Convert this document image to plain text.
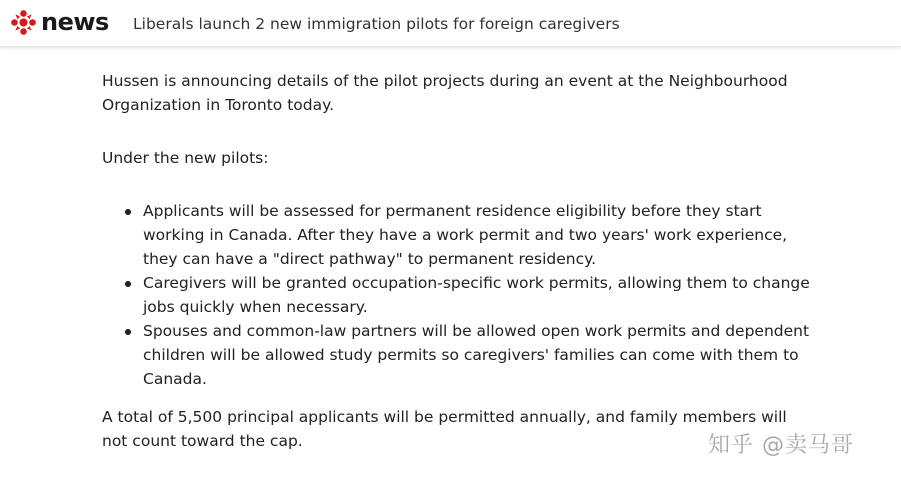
news Liberals launch 2 new immigration pilots for foreign caregivers

Hussen is announcing details of the pilot projects during an event at the Neighbourhood Organization in Toronto today.

Under the new pilots:

Applicants will be assessed for permanent residence eligibility before they start working in Canada. After they have a work permit and two years' work experience, they can have a "direct pathway" to permanent residency.
Caregivers will be granted occupation-specific work permits, allowing them to change jobs quickly when necessary.
Spouses and common-law partners will be allowed open work permits and dependent children will be allowed study permits so caregivers' families can come with them to Canada.

A total of 5,500 principal applicants will be permitted annually, and family members will not count toward the cap.	知乎 @卖马哥
